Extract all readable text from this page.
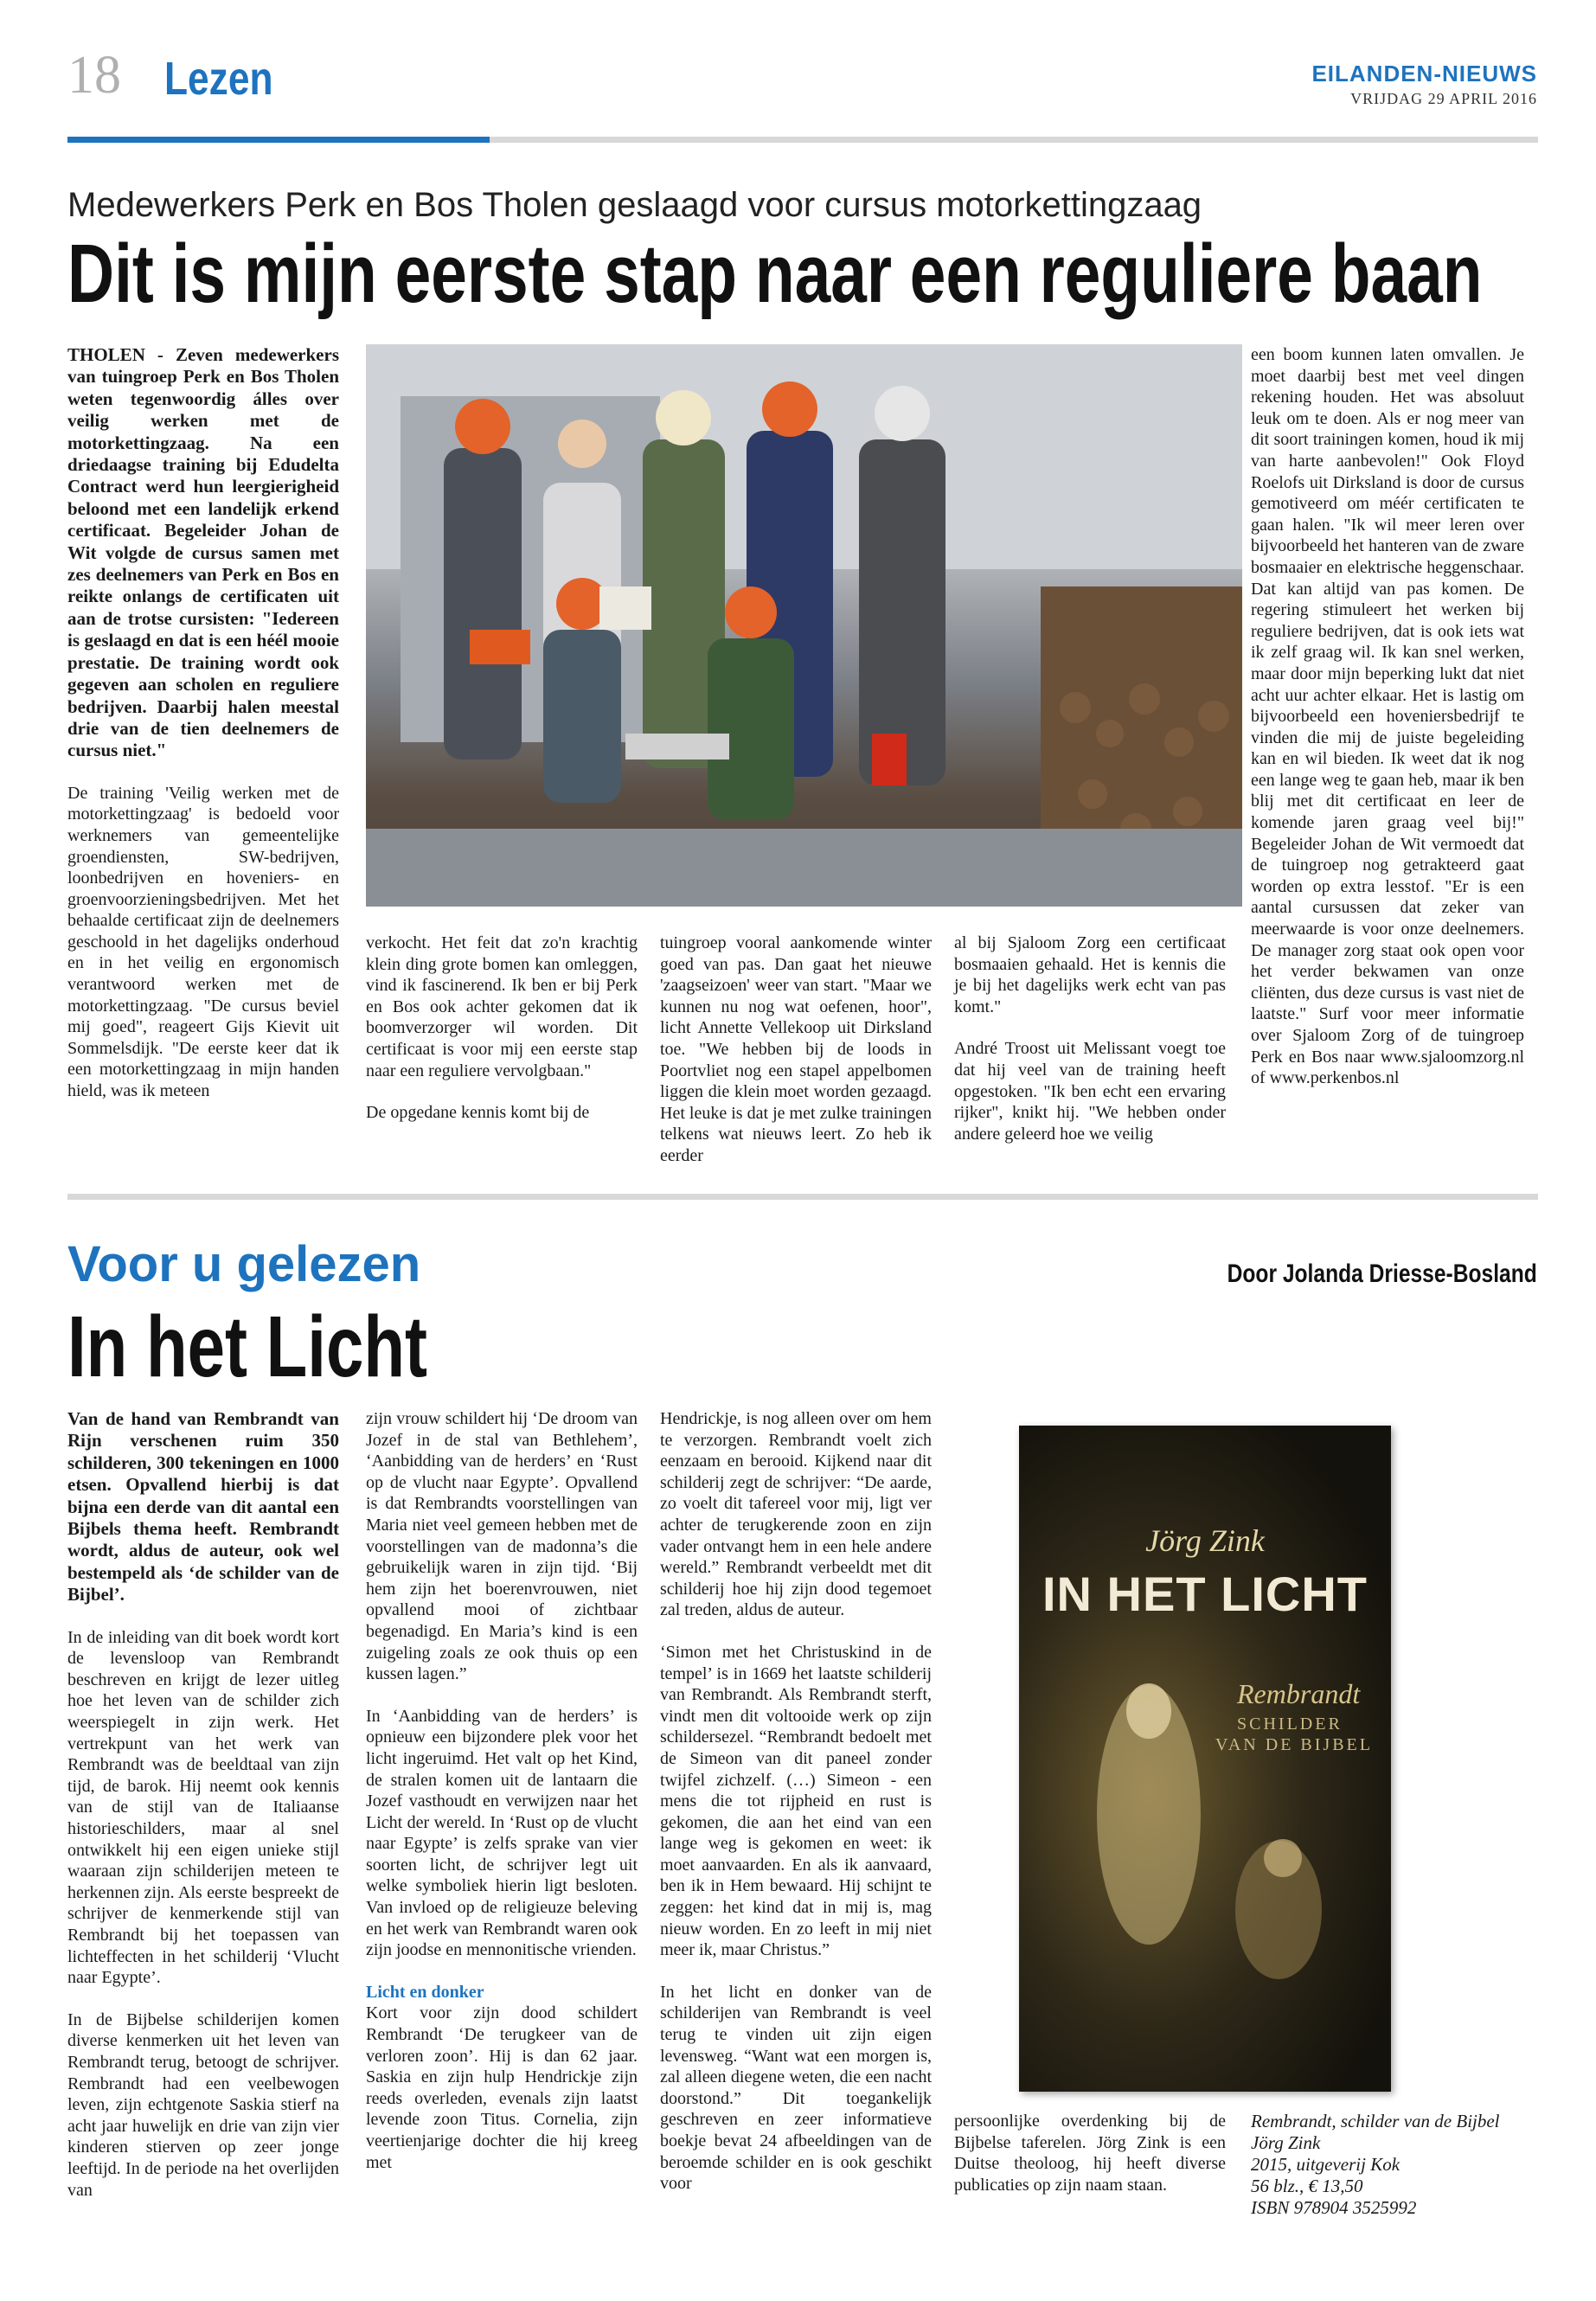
18 Lezen	EILANDEN-NIEUWS
VRIJDAG 29 APRIL 2016
Medewerkers Perk en Bos Tholen geslaagd voor cursus motorkettingzaag
Dit is mijn eerste stap naar een reguliere baan

THOLEN - Zeven medewerkers van tuingroep Perk en Bos Tholen weten tegenwoordig álles over veilig werken met de motorkettingzaag. Na een driedaagse training bij Edudelta Contract werd hun leergierigheid beloond met een landelijk erkend certificaat. Begeleider Johan de Wit volgde de cursus samen met zes deelnemers van Perk en Bos en reikte onlangs de certificaten uit aan de trotse cursisten: "Iedereen is geslaagd en dat is een héél mooie prestatie. De training wordt ook gegeven aan scholen en reguliere bedrijven. Daarbij halen meestal drie van de tien deelnemers de cursus niet."

De training 'Veilig werken met de motorkettingzaag' is bedoeld voor werknemers van gemeentelijke groendiensten, SW-bedrijven, loonbedrijven en hoveniers- en groenvoorzieningsbedrijven. Met het behaalde certificaat zijn de deelnemers geschoold in het dagelijks onderhoud en in het veilig en ergonomisch verantwoord werken met de motorkettingzaag. "De cursus beviel mij goed", reageert Gijs Kievit uit Sommelsdijk. "De eerste keer dat ik een motorkettingzaag in mijn handen hield, was ik meteen

verkocht. Het feit dat zo'n krachtig klein ding grote bomen kan omleggen, vind ik fascinerend. Ik ben er bij Perk en Bos ook achter gekomen dat ik boomverzorger wil worden. Dit certificaat is voor mij een eerste stap naar een reguliere vervolgbaan."

De opgedane kennis komt bij de

tuingroep vooral aankomende winter goed van pas. Dan gaat het nieuwe 'zaagseizoen' weer van start. "Maar we kunnen nu nog wat oefenen, hoor", licht Annette Vellekoop uit Dirksland toe. "We hebben bij de loods in Poortvliet nog een stapel appelbomen liggen die klein moet worden gezaagd. Het leuke is dat je met zulke trainingen telkens wat nieuws leert. Zo heb ik eerder

al bij Sjaloom Zorg een certificaat bosmaaien gehaald. Het is kennis die je bij het dagelijks werk echt van pas komt."

André Troost uit Melissant voegt toe dat hij veel van de training heeft opgestoken. "Ik ben echt een ervaring rijker", knikt hij. "We hebben onder andere geleerd hoe we veilig

een boom kunnen laten omvallen. Je moet daarbij best met veel dingen rekening houden. Het was absoluut leuk om te doen. Als er nog meer van dit soort trainingen komen, houd ik mij van harte aanbevolen!" Ook Floyd Roelofs uit Dirksland is door de cursus gemotiveerd om méér certificaten te gaan halen. "Ik wil meer leren over bijvoorbeeld het hanteren van de zware bosmaaier en elektrische heggenschaar. Dat kan altijd van pas komen. De regering stimuleert het werken bij reguliere bedrijven, dat is ook iets wat ik zelf graag wil. Ik kan snel werken, maar door mijn beperking lukt dat niet acht uur achter elkaar. Het is lastig om bijvoorbeeld een hoveniersbedrijf te vinden die mij de juiste begeleiding kan en wil bieden. Ik weet dat ik nog een lange weg te gaan heb, maar ik ben blij met dit certificaat en leer de komende jaren graag veel bij!" Begeleider Johan de Wit vermoedt dat de tuingroep nog getrakteerd gaat worden op extra lesstof. "Er is een aantal cursussen dat zeker van meerwaarde is voor onze deelnemers. De manager zorg staat ook open voor het verder bekwamen van onze cliënten, dus deze cursus is vast niet de laatste." Surf voor meer informatie over Sjaloom Zorg of de tuingroep Perk en Bos naar www.sjaloomzorg.nl of www.perkenbos.nl

Voor u gelezen	Door Jolanda Driesse-Bosland
In het Licht

Van de hand van Rembrandt van Rijn verschenen ruim 350 schilderen, 300 tekeningen en 1000 etsen. Opvallend hierbij is dat bijna een derde van dit aantal een Bijbels thema heeft. Rembrandt wordt, aldus de auteur, ook wel bestempeld als ‘de schilder van de Bijbel’.

In de inleiding van dit boek wordt kort de levensloop van Rembrandt beschreven en krijgt de lezer uitleg hoe het leven van de schilder zich weerspiegelt in zijn werk. Het vertrekpunt van het werk van Rembrandt was de beeldtaal van zijn tijd, de barok. Hij neemt ook kennis van de stijl van de Italiaanse historieschilders, maar al snel ontwikkelt hij een eigen unieke stijl waaraan zijn schilderijen meteen te herkennen zijn. Als eerste bespreekt de schrijver de kenmerkende stijl van Rembrandt bij het toepassen van lichteffecten in het schilderij ‘Vlucht naar Egypte’.

In de Bijbelse schilderijen komen diverse kenmerken uit het leven van Rembrandt terug, betoogt de schrijver. Rembrandt had een veelbewogen leven, zijn echtgenote Saskia stierf na acht jaar huwelijk en drie van zijn vier kinderen stierven op zeer jonge leeftijd. In de periode na het overlijden van

zijn vrouw schildert hij ‘De droom van Jozef in de stal van Bethlehem’, ‘Aanbidding van de herders’ en ‘Rust op de vlucht naar Egypte’. Opvallend is dat Rembrandts voorstellingen van Maria niet veel gemeen hebben met de voorstellingen van de madonna’s die gebruikelijk waren in zijn tijd. ‘Bij hem zijn het boerenvrouwen, niet opvallend mooi of zichtbaar begenadigd. En Maria’s kind is een zuigeling zoals ze ook thuis op een kussen lagen.”

In ‘Aanbidding van de herders’ is opnieuw een bijzondere plek voor het licht ingeruimd. Het valt op het Kind, de stralen komen uit de lantaarn die Jozef vasthoudt en verwijzen naar het Licht der wereld. In ‘Rust op de vlucht naar Egypte’ is zelfs sprake van vier soorten licht, de schrijver legt uit welke symboliek hierin ligt besloten. Van invloed op de religieuze beleving en het werk van Rembrandt waren ook zijn joodse en mennonitische vrienden.

Licht en donker

Kort voor zijn dood schildert Rembrandt ‘De terugkeer van de verloren zoon’. Hij is dan 62 jaar. Saskia en zijn hulp Hendrickje zijn reeds overleden, evenals zijn laatst levende zoon Titus. Cornelia, zijn veertienjarige dochter die hij kreeg met

Hendrickje, is nog alleen over om hem te verzorgen. Rembrandt voelt zich eenzaam en berooid. Kijkend naar dit schilderij zegt de schrijver: “De aarde, zo voelt dit tafereel voor mij, ligt ver achter de terugkerende zoon en zijn vader ontvangt hem in een hele andere wereld.” Rembrandt verbeeldt met dit schilderij hoe hij zijn dood tegemoet zal treden, aldus de auteur.

‘Simon met het Christuskind in de tempel’ is in 1669 het laatste schilderij van Rembrandt. Als Rembrandt sterft, vindt men dit voltooide werk op zijn schildersezel. “Rembrandt bedoelt met de Simeon van dit paneel zonder twijfel zichzelf. (…) Simeon - een mens die tot rijpheid en rust is gekomen, die aan het eind van een lange weg is gekomen en weet: ik moet aanvaarden. En als ik aanvaard, ben ik in Hem bewaard. Hij schijnt te zeggen: het kind dat in mij is, mag nieuw worden. En zo leeft in mij niet meer ik, maar Christus.”

In het licht en donker van de schilderijen van Rembrandt is veel terug te vinden uit zijn eigen levensweg. “Want wat een morgen is, zal alleen diegene weten, die een nacht doorstond.” Dit toegankelijk geschreven en zeer informatieve boekje bevat 24 afbeeldingen van de beroemde schilder en is ook geschikt voor

Jörg Zink
IN HET LICHT
Rembrandt
SCHILDER
VAN DE BIJBEL

persoonlijke overdenking bij de Bijbelse taferelen. Jörg Zink is een Duitse theoloog, hij heeft diverse publicaties op zijn naam staan.

Rembrandt, schilder van de Bijbel
Jörg Zink
2015, uitgeverij Kok
56 blz., € 13,50
ISBN 978904 3525992
